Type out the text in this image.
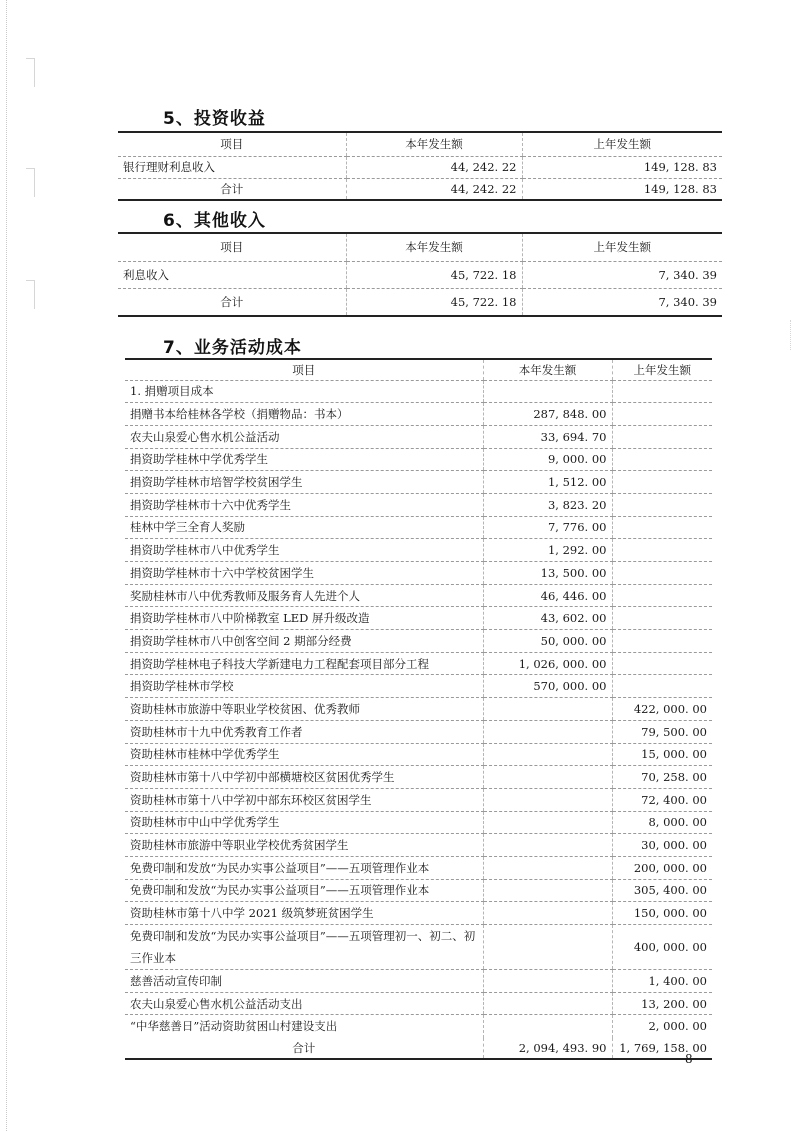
5、投资收益
项目	本年发生额	上年发生额
银行理财利息收入	44, 242. 22	149, 128. 83
合计	44, 242. 22	149, 128. 83
6、其他收入
项目	本年发生额	上年发生额
利息收入	45, 722. 18	7, 340. 39
合计	45, 722. 18	7, 340. 39
7、业务活动成本
项目	本年发生额	上年发生额
1. 捐赠项目成本		
捐赠书本给桂林各学校（捐赠物品：书本）	287, 848. 00	
农夫山泉爱心售水机公益活动	33, 694. 70	
捐资助学桂林中学优秀学生	9, 000. 00	
捐资助学桂林市培智学校贫困学生	1, 512. 00	
捐资助学桂林市十六中优秀学生	3, 823. 20	
桂林中学三全育人奖励	7, 776. 00	
捐资助学桂林市八中优秀学生	1, 292. 00	
捐资助学桂林市十六中学校贫困学生	13, 500. 00	
奖励桂林市八中优秀教师及服务育人先进个人	46, 446. 00	
捐资助学桂林市八中阶梯教室 LED 屏升级改造	43, 602. 00	
捐资助学桂林市八中创客空间 2 期部分经费	50, 000. 00	
捐资助学桂林电子科技大学新建电力工程配套项目部分工程	1, 026, 000. 00	
捐资助学桂林市学校	570, 000. 00	
资助桂林市旅游中等职业学校贫困、优秀教师		422, 000. 00
资助桂林市十九中优秀教育工作者		79, 500. 00
资助桂林市桂林中学优秀学生		15, 000. 00
资助桂林市第十八中学初中部横塘校区贫困优秀学生		70, 258. 00
资助桂林市第十八中学初中部东环校区贫困学生		72, 400. 00
资助桂林市中山中学优秀学生		8, 000. 00
资助桂林市旅游中等职业学校优秀贫困学生		30, 000. 00
免费印制和发放“为民办实事公益项目”——五项管理作业本		200, 000. 00
免费印制和发放“为民办实事公益项目”——五项管理作业本		305, 400. 00
资助桂林市第十八中学 2021 级筑梦班贫困学生		150, 000. 00
免费印制和发放“为民办实事公益项目”——五项管理初一、初二、初三作业本		400, 000. 00
慈善活动宣传印制		1, 400. 00
农夫山泉爱心售水机公益活动支出		13, 200. 00
“中华慈善日”活动资助贫困山村建设支出		2, 000. 00
合计	2, 094, 493. 90	1, 769, 158. 00
8
